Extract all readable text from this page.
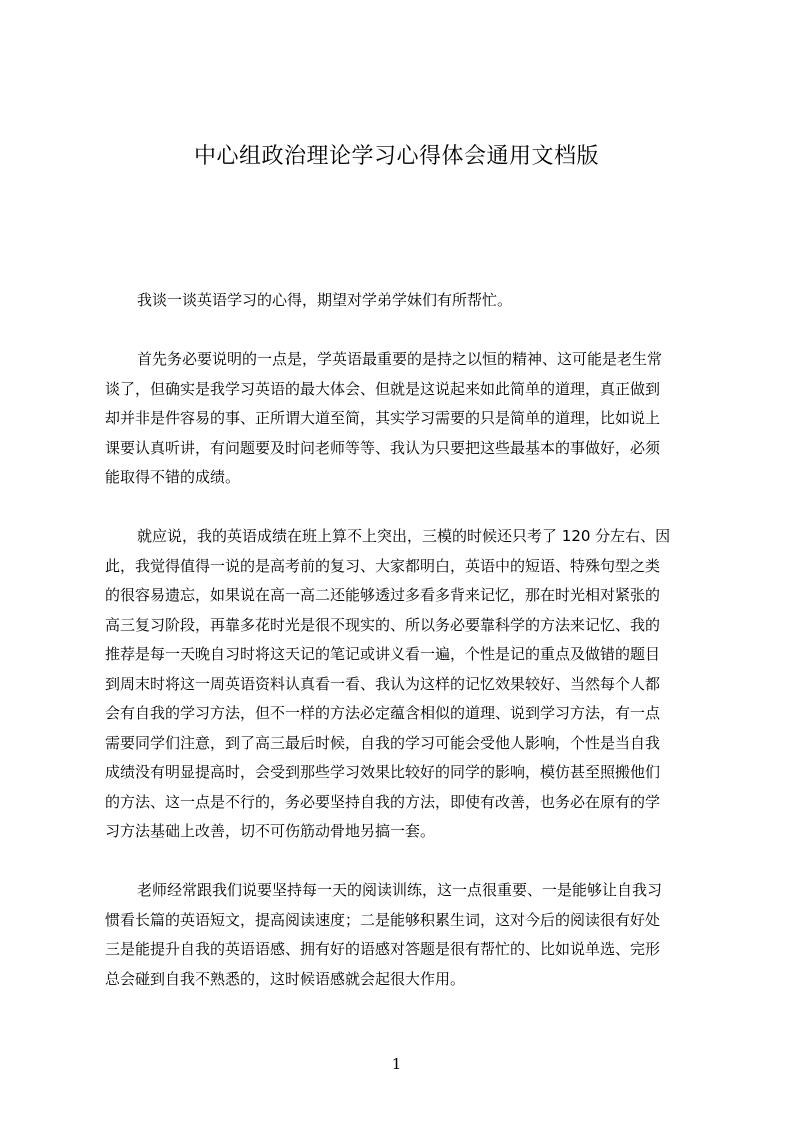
中心组政治理论学习心得体会通用文档版
我谈一谈英语学习的心得，期望对学弟学妹们有所帮忙。
首先务必要说明的一点是，学英语最重要的是持之以恒的精神、这可能是老生常
谈了，但确实是我学习英语的最大体会、但就是这说起来如此简单的道理，真正做到
却并非是件容易的事、正所谓大道至简，其实学习需要的只是简单的道理，比如说上
课要认真听讲，有问题要及时问老师等等、我认为只要把这些最基本的事做好，必须
能取得不错的成绩。
就应说，我的英语成绩在班上算不上突出，三模的时候还只考了 120 分左右、因
此，我觉得值得一说的是高考前的复习、大家都明白，英语中的短语、特殊句型之类
的很容易遗忘，如果说在高一高二还能够透过多看多背来记忆，那在时光相对紧张的
高三复习阶段，再靠多花时光是很不现实的、所以务必要靠科学的方法来记忆、我的
推荐是每一天晚自习时将这天记的笔记或讲义看一遍，个性是记的重点及做错的题目
到周末时将这一周英语资料认真看一看、我认为这样的记忆效果较好、当然每个人都
会有自我的学习方法，但不一样的方法必定蕴含相似的道理、说到学习方法，有一点
需要同学们注意，到了高三最后时候，自我的学习可能会受他人影响，个性是当自我
成绩没有明显提高时，会受到那些学习效果比较好的同学的影响，模仿甚至照搬他们
的方法、这一点是不行的，务必要坚持自我的方法，即使有改善，也务必在原有的学
习方法基础上改善，切不可伤筋动骨地另搞一套。
老师经常跟我们说要坚持每一天的阅读训练，这一点很重要、一是能够让自我习
惯看长篇的英语短文，提高阅读速度；二是能够积累生词，这对今后的阅读很有好处
三是能提升自我的英语语感、拥有好的语感对答题是很有帮忙的、比如说单选、完形
总会碰到自我不熟悉的，这时候语感就会起很大作用。
1
